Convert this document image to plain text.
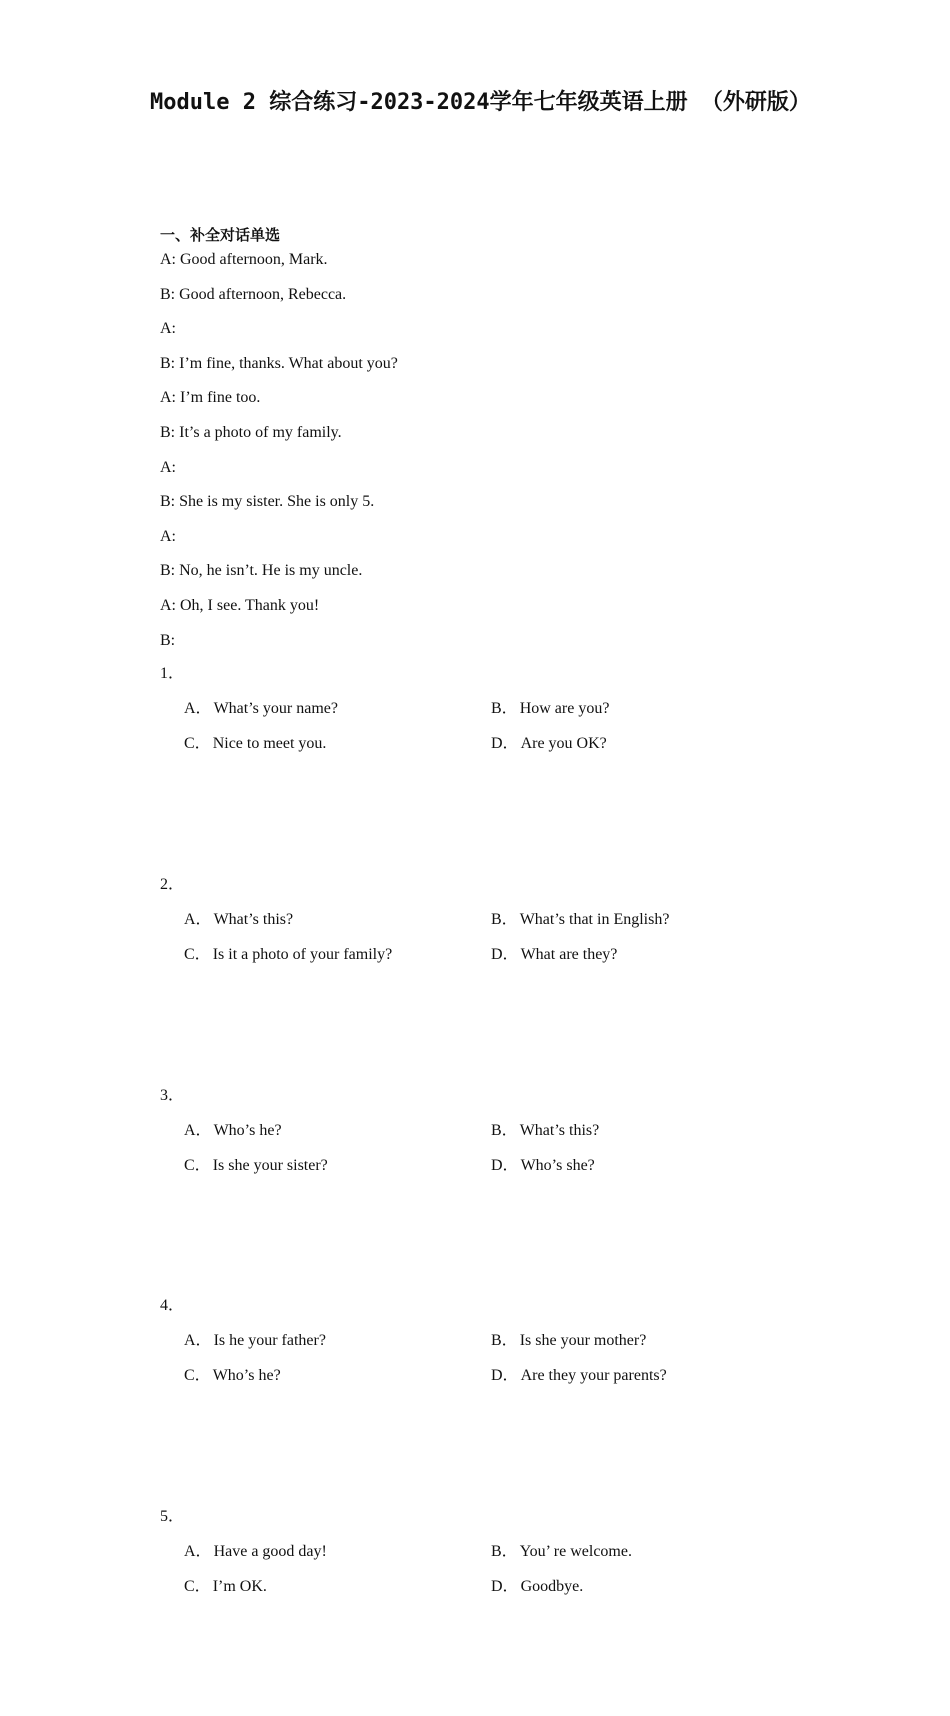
Module 2 综合练习-2023-2024学年七年级英语上册 （外研版）
一、补全对话单选
A: Good afternoon, Mark.
B: Good afternoon, Rebecca.
A:
B: I’m fine, thanks. What about you?
A: I’m fine too.
B: It’s a photo of my family.
A:
B: She is my sister. She is only 5.
A:
B: No, he isn’t. He is my uncle.
A: Oh, I see. Thank you!
B:
1．
A． What’s your name?	B． How are you?
C． Nice to meet you.	D． Are you OK?
2．
A． What’s this?	B． What’s that in English?
C． Is it a photo of your family?	D． What are they?
3．
A． Who’s he?	B． What’s this?
C． Is she your sister?	D． Who’s she?
4．
A． Is he your father?	B． Is she your mother?
C． Who’s he?	D． Are they your parents?
5．
A． Have a good day!	B． You’ re welcome.
C． I’m OK.	D． Goodbye.
